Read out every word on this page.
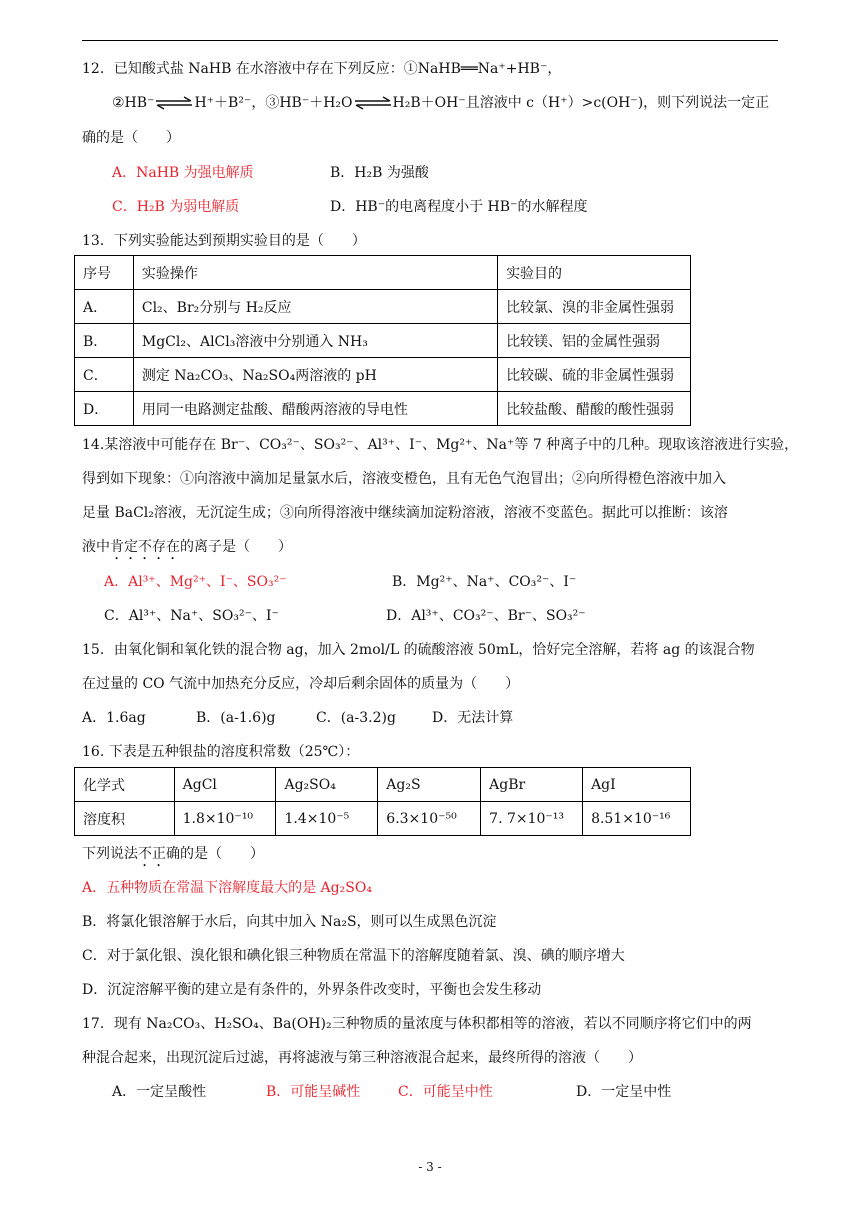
12．已知酸式盐 NaHB 在水溶液中存在下列反应：①NaHB══Na⁺+HB⁻，
②HB⁻⇌H⁺＋B²⁻，③HB⁻＋H₂O⇌H₂B＋OH⁻且溶液中 c（H⁺）>c(OH⁻)，则下列说法一定正
确的是（　　）
A．NaHB 为强电解质	B．H₂B 为强酸
C．H₂B 为弱电解质	D．HB⁻的电离程度小于 HB⁻的水解程度
13．下列实验能达到预期实验目的是（　　）
序号	实验操作	实验目的
A．	Cl₂、Br₂分别与 H₂反应	比较氯、溴的非金属性强弱
B．	MgCl₂、AlCl₃溶液中分别通入 NH₃	比较镁、铝的金属性强弱
C．	测定 Na₂CO₃、Na₂SO₄两溶液的 pH	比较碳、硫的非金属性强弱
D．	用同一电路测定盐酸、醋酸两溶液的导电性	比较盐酸、醋酸的酸性强弱
14.某溶液中可能存在 Br⁻、CO₃²⁻、SO₃²⁻、Al³⁺、I⁻、Mg²⁺、Na⁺等 7 种离子中的几种。现取该溶液进行实验，
得到如下现象：①向溶液中滴加足量氯水后，溶液变橙色，且有无色气泡冒出；②向所得橙色溶液中加入
足量 BaCl₂溶液，无沉淀生成；③向所得溶液中继续滴加淀粉溶液，溶液不变蓝色。据此可以推断：该溶
液中肯定不存在的离子是（　　）
A．Al³⁺、Mg²⁺、I⁻、SO₃²⁻	B．Mg²⁺、Na⁺、CO₃²⁻、I⁻
C．Al³⁺、Na⁺、SO₃²⁻、I⁻	D．Al³⁺、CO₃²⁻、Br⁻、SO₃²⁻
15．由氧化铜和氧化铁的混合物 ag，加入 2mol/L 的硫酸溶液 50mL，恰好完全溶解，若将 ag 的该混合物
在过量的 CO 气流中加热充分反应，冷却后剩余固体的质量为（　　）
A．1.6ag	B．(a-1.6)g	C．(a-3.2)g	D．无法计算
16. 下表是五种银盐的溶度积常数（25℃）：
化学式	AgCl	Ag₂SO₄	Ag₂S	AgBr	AgI
溶度积	1.8×10⁻¹⁰	1.4×10⁻⁵	6.3×10⁻⁵⁰	7. 7×10⁻¹³	8.51×10⁻¹⁶
下列说法不正确的是（　　）
A．五种物质在常温下溶解度最大的是 Ag₂SO₄
B．将氯化银溶解于水后，向其中加入 Na₂S，则可以生成黑色沉淀
C．对于氯化银、溴化银和碘化银三种物质在常温下的溶解度随着氯、溴、碘的顺序增大
D．沉淀溶解平衡的建立是有条件的，外界条件改变时，平衡也会发生移动
17．现有 Na₂CO₃、H₂SO₄、Ba(OH)₂三种物质的量浓度与体积都相等的溶液，若以不同顺序将它们中的两
种混合起来，出现沉淀后过滤，再将滤液与第三种溶液混合起来，最终所得的溶液（　　）
A．一定呈酸性	B．可能呈碱性	C．可能呈中性	D．一定呈中性
- 3 -
